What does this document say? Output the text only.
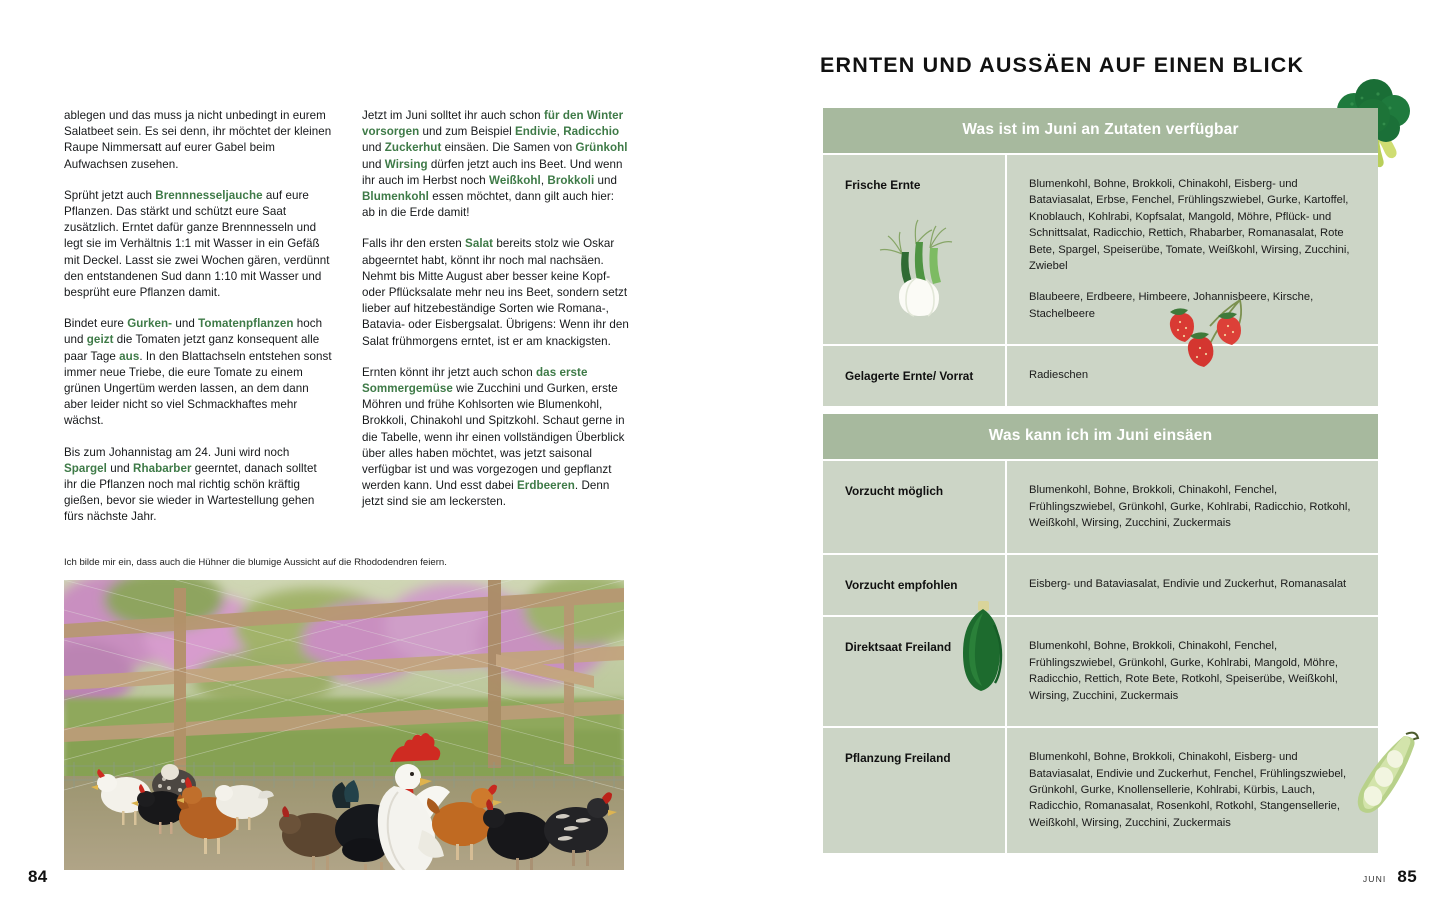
ablegen und das muss ja nicht unbedingt in eurem Salatbeet sein. Es sei denn, ihr möchtet der kleinen Raupe Nimmersatt auf eurer Gabel beim Aufwachsen zusehen.

Sprüht jetzt auch Brennnesseljauche auf eure Pflanzen. Das stärkt und schützt eure Saat zusätzlich. Erntet dafür ganze Brennnesseln und legt sie im Verhältnis 1:1 mit Wasser in ein Gefäß mit Deckel. Lasst sie zwei Wochen gären, verdünnt den entstandenen Sud dann 1:10 mit Wasser und besprüht eure Pflanzen damit.

Bindet eure Gurken- und Tomatenpflanzen hoch und geizt die Tomaten jetzt ganz konsequent alle paar Tage aus. In den Blattachseln entstehen sonst immer neue Triebe, die eure Tomate zu einem grünen Ungertüm werden lassen, an dem dann aber leider nicht so viel Schmackhaftes mehr wächst.

Bis zum Johannistag am 24. Juni wird noch Spargel und Rhabarber geerntet, danach solltet ihr die Pflanzen noch mal richtig schön kräftig gießen, bevor sie wieder in Wartestellung gehen fürs nächste Jahr.

Jetzt im Juni solltet ihr auch schon für den Winter vorsorgen und zum Beispiel Endivie, Radicchio und Zuckerhut einsäen. Die Samen von Grünkohl und Wirsing dürfen jetzt auch ins Beet. Und wenn ihr auch im Herbst noch Weißkohl, Brokkoli und Blumenkohl essen möchtet, dann gilt auch hier: ab in die Erde damit!

Falls ihr den ersten Salat bereits stolz wie Oskar abgeerntet habt, könnt ihr noch mal nachsäen. Nehmt bis Mitte August aber besser keine Kopf- oder Pflücksalate mehr neu ins Beet, sondern setzt lieber auf hitzebeständige Sorten wie Romana-, Batavia- oder Eisbergsalat. Übrigens: Wenn ihr den Salat frühmorgens erntet, ist er am knackigsten.

Ernten könnt ihr jetzt auch schon das erste Sommergemüse wie Zucchini und Gurken, erste Möhren und frühe Kohlsorten wie Blumenkohl, Brokkoli, Chinakohl und Spitzkohl. Schaut gerne in die Tabelle, wenn ihr einen vollständigen Überblick über alles haben möchtet, was jetzt saisonal verfügbar ist und was vorgezogen und gepflanzt werden kann. Und esst dabei Erdbeeren. Denn jetzt sind sie am leckersten.

Ich bilde mir ein, dass auch die Hühner die blumige Aussicht auf die Rhododendren feiern.
84
ERNTEN UND AUSSÄEN AUF EINEN BLICK
Was ist im Juni an Zutaten verfügbar
Frische Ernte	Blumenkohl, Bohne, Brokkoli, Chinakohl, Eisberg- und Bataviasalat, Erbse, Fenchel, Frühlingszwiebel, Gurke, Kartoffel, Knoblauch, Kohlrabi, Kopfsalat, Mangold, Möhre, Pflück- und Schnittsalat, Radicchio, Rettich, Rhabarber, Romanasalat, Rote Bete, Spargel, Speiserübe, Tomate, Weißkohl, Wirsing, Zucchini, Zwiebel

Blaubeere, Erdbeere, Himbeere, Johannisbeere, Kirsche, Stachelbeere

Gelagerte Ernte/ Vorrat	Radieschen

Was kann ich im Juni einsäen
Vorzucht möglich	Blumenkohl, Bohne, Brokkoli, Chinakohl, Fenchel, Frühlingszwiebel, Grünkohl, Gurke, Kohlrabi, Radicchio, Rotkohl, Weißkohl, Wirsing, Zucchini, Zuckermais

Vorzucht empfohlen	Eisberg- und Bataviasalat, Endivie und Zuckerhut, Romanasalat

Direktsaat Freiland	Blumenkohl, Bohne, Brokkoli, Chinakohl, Fenchel, Frühlingszwiebel, Grünkohl, Gurke, Kohlrabi, Mangold, Möhre, Radicchio, Rettich, Rote Bete, Rotkohl, Speiserübe, Weißkohl, Wirsing, Zucchini, Zuckermais

Pflanzung Freiland	Blumenkohl, Bohne, Brokkoli, Chinakohl, Eisberg- und Bataviasalat, Endivie und Zuckerhut, Fenchel, Frühlingszwiebel, Grünkohl, Gurke, Knollensellerie, Kohlrabi, Kürbis, Lauch, Radicchio, Romanasalat, Rosenkohl, Rotkohl, Stangensellerie, Weißkohl, Wirsing, Zucchini, Zuckermais

JUNI 85
